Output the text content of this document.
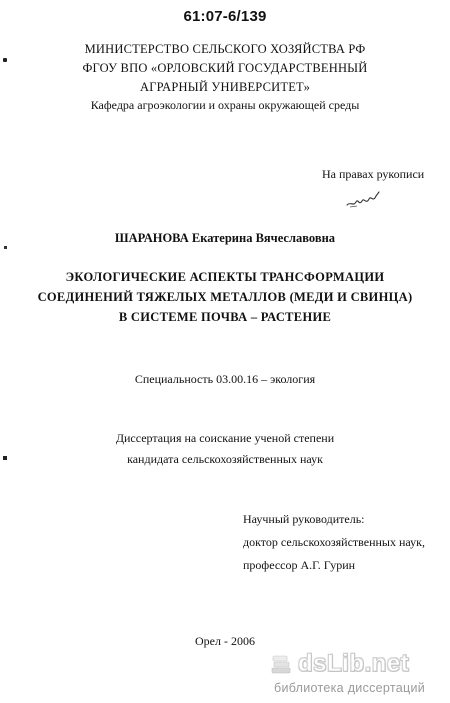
61:07-6/139
МИНИСТЕРСТВО СЕЛЬСКОГО ХОЗЯЙСТВА РФ
ФГОУ ВПО «ОРЛОВСКИЙ ГОСУДАРСТВЕННЫЙ
АГРАРНЫЙ УНИВЕРСИТЕТ»
Кафедра агроэкологии и охраны окружающей среды
На правах рукописи
ШАРАНОВА Екатерина Вячеславовна
ЭКОЛОГИЧЕСКИЕ АСПЕКТЫ ТРАНСФОРМАЦИИ
СОЕДИНЕНИЙ ТЯЖЕЛЫХ МЕТАЛЛОВ (МЕДИ И СВИНЦА)
В СИСТЕМЕ ПОЧВА – РАСТЕНИЕ
Специальность 03.00.16 – экология
Диссертация на соискание ученой степени
кандидата сельскохозяйственных наук
Научный руководитель:
доктор сельскохозяйственных наук,
профессор А.Г. Гурин
Орел - 2006
dsLib.net
библиотека диссертаций
